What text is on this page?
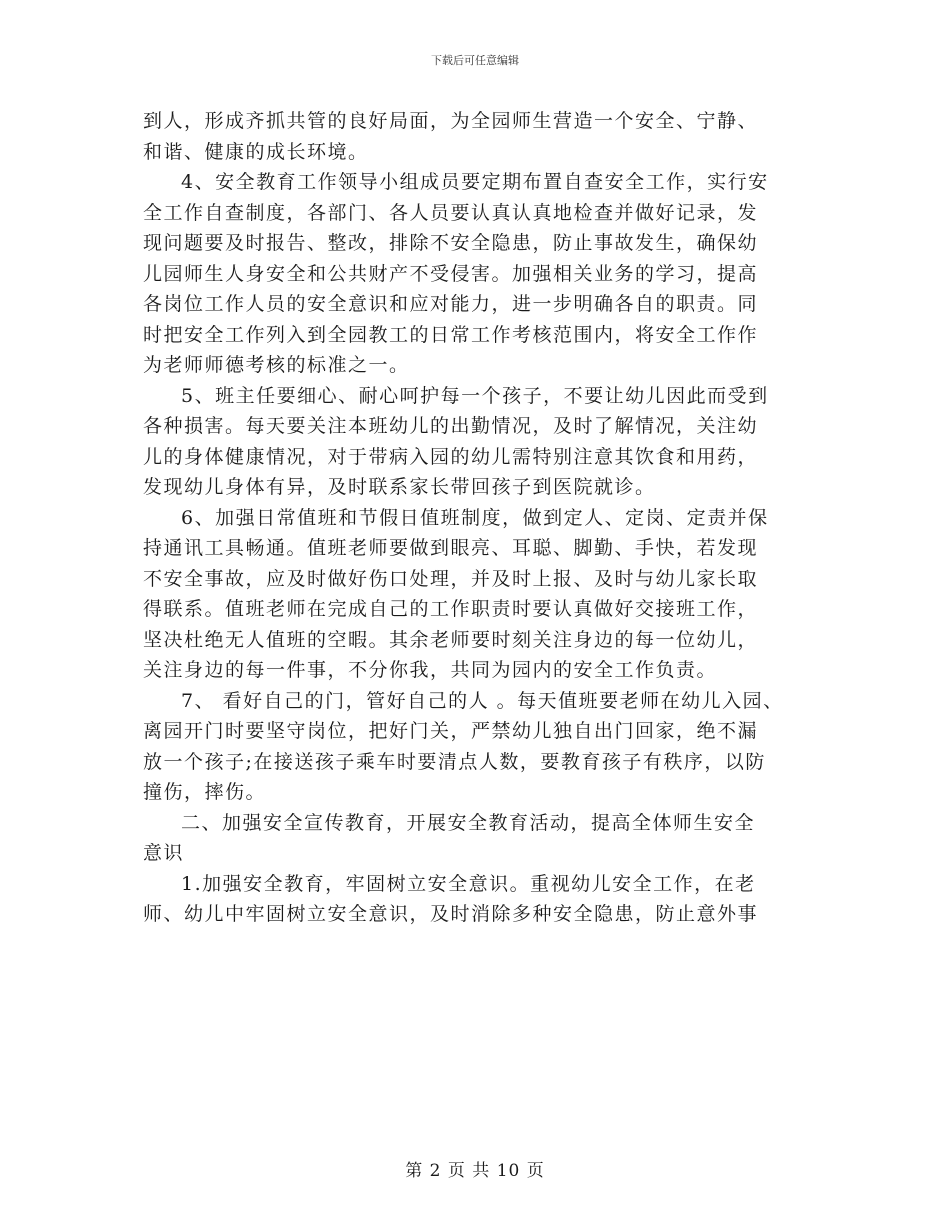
下载后可任意编辑
到人，形成齐抓共管的良好局面，为全园师生营造一个安全、宁静、
和谐、健康的成长环境。
4、安全教育工作领导小组成员要定期布置自查安全工作，实行安
全工作自查制度，各部门、各人员要认真认真地检查并做好记录，发
现问题要及时报告、整改，排除不安全隐患，防止事故发生，确保幼
儿园师生人身安全和公共财产不受侵害。加强相关业务的学习，提高
各岗位工作人员的安全意识和应对能力，进一步明确各自的职责。同
时把安全工作列入到全园教工的日常工作考核范围内，将安全工作作
为老师师德考核的标准之一。
5、班主任要细心、耐心呵护每一个孩子，不要让幼儿因此而受到
各种损害。每天要关注本班幼儿的出勤情况，及时了解情况，关注幼
儿的身体健康情况，对于带病入园的幼儿需特别注意其饮食和用药，
发现幼儿身体有异，及时联系家长带回孩子到医院就诊。
6、加强日常值班和节假日值班制度，做到定人、定岗、定责并保
持通讯工具畅通。值班老师要做到眼亮、耳聪、脚勤、手快，若发现
不安全事故，应及时做好伤口处理，并及时上报、及时与幼儿家长取
得联系。值班老师在完成自己的工作职责时要认真做好交接班工作，
坚决杜绝无人值班的空暇。其余老师要时刻关注身边的每一位幼儿，
关注身边的每一件事，不分你我，共同为园内的安全工作负责。
7、 看好自己的门，管好自己的人 。每天值班要老师在幼儿入园、
离园开门时要坚守岗位，把好门关，严禁幼儿独自出门回家，绝不漏
放一个孩子;在接送孩子乘车时要清点人数，要教育孩子有秩序，以防
撞伤，摔伤。
二、加强安全宣传教育，开展安全教育活动，提高全体师生安全
意识
1.加强安全教育，牢固树立安全意识。重视幼儿安全工作，在老
师、幼儿中牢固树立安全意识，及时消除多种安全隐患，防止意外事
第 2 页 共 10 页
